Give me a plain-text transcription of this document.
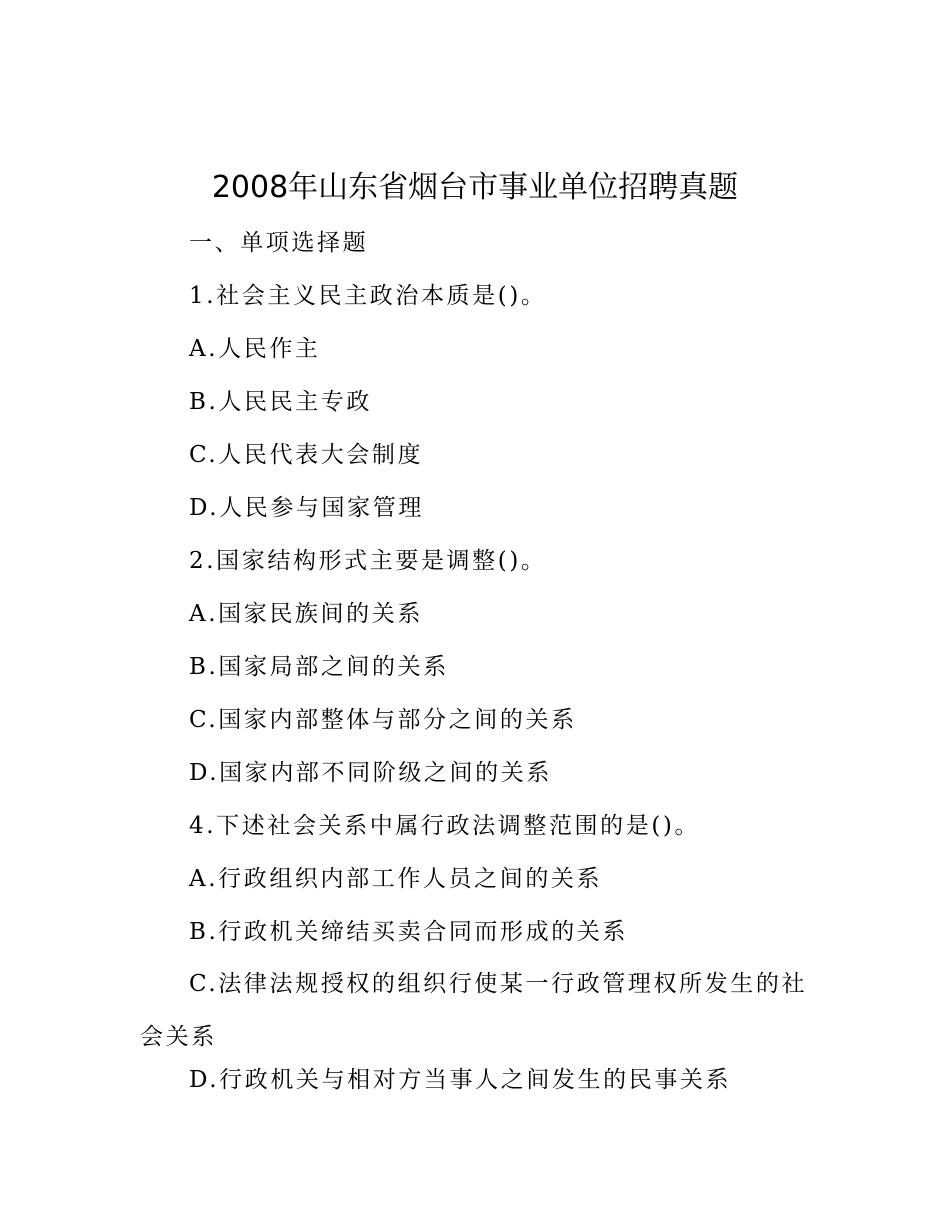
2008年山东省烟台市事业单位招聘真题

一、单项选择题

1.社会主义民主政治本质是()。

A.人民作主

B.人民民主专政

C.人民代表大会制度

D.人民参与国家管理

2.国家结构形式主要是调整()。

A.国家民族间的关系

B.国家局部之间的关系

C.国家内部整体与部分之间的关系

D.国家内部不同阶级之间的关系

4.下述社会关系中属行政法调整范围的是()。

A.行政组织内部工作人员之间的关系

B.行政机关缔结买卖合同而形成的关系

C.法律法规授权的组织行使某一行政管理权所发生的社会关系

D.行政机关与相对方当事人之间发生的民事关系
